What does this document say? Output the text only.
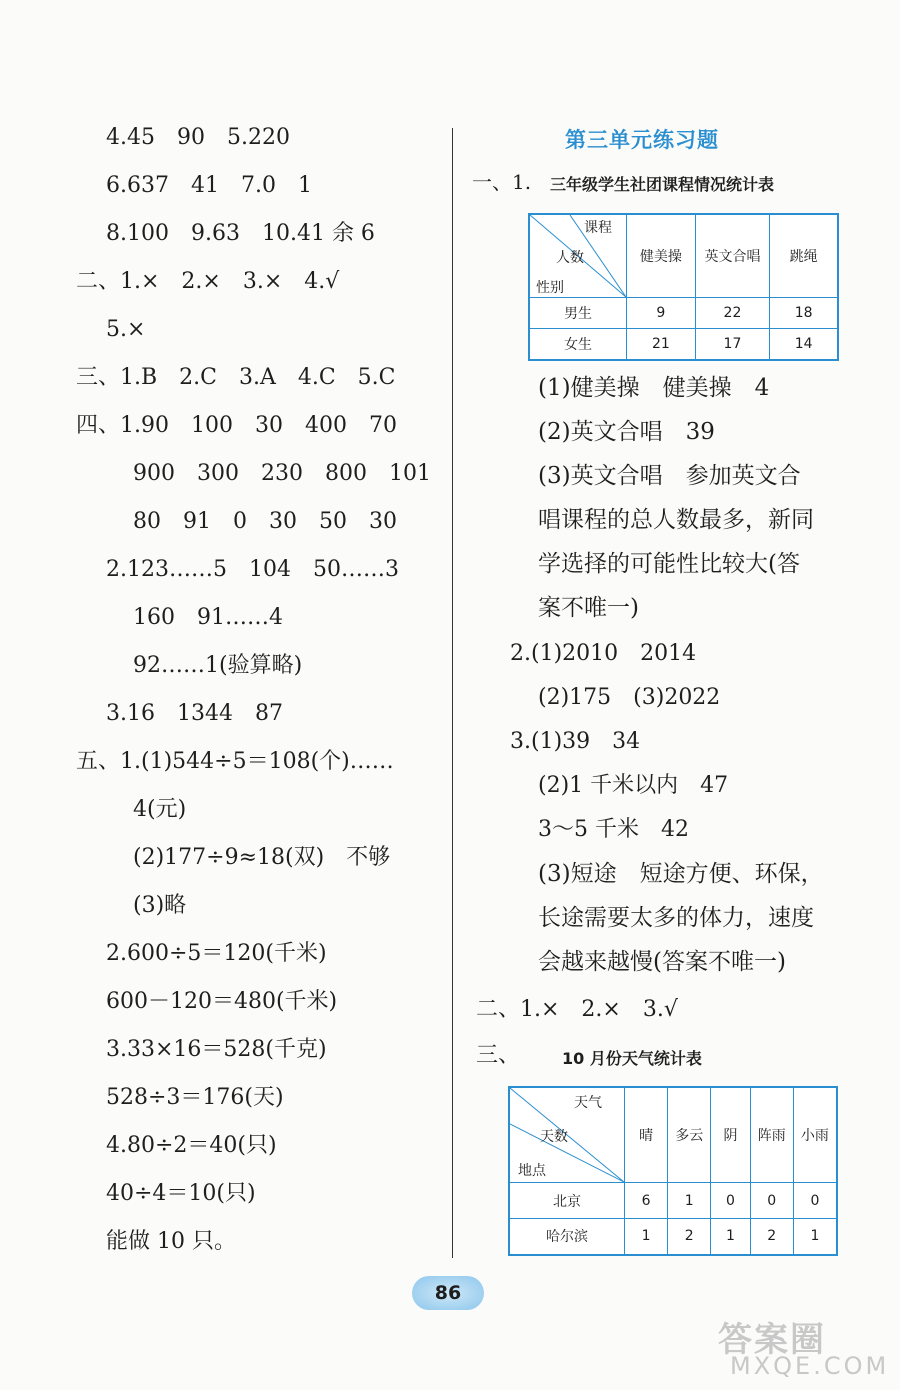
4.45　90　5.220
6.637　41　7.0　1
8.100　9.63　10.41 余 6
二、1.×　2.×　3.×　4.√
5.×
三、1.B　2.C　3.A　4.C　5.C
四、1.90　100　30　400　70
900　300　230　800　101
80　91　0　30　50　30
2.123……5　104　50……3
160　91……4
92……1(验算略)
3.16　1344　87
五、1.(1)544÷5＝108(个)……
4(元)
(2)177÷9≈18(双)　不够
(3)略
2.600÷5＝120(千米)
600－120＝480(千米)
3.33×16＝528(千克)
528÷3＝176(天)
4.80÷2＝40(只)
40÷4＝10(只)
能做 10 只。
第三单元练习题
一、1. 三年级学生社团课程情况统计表
课程
人数
性别	健美操	英文合唱	跳绳
男生	9	22	18
女生	21	17	14
(1)健美操　健美操　4
(2)英文合唱　39
(3)英文合唱　参加英文合
唱课程的总人数最多，新同
学选择的可能性比较大(答
案不唯一)
2.(1)2010　2014
(2)175　(3)2022
3.(1)39　34
(2)1 千米以内　47
3～5 千米　42
(3)短途　短途方便、环保，
长途需要太多的体力，速度
会越来越慢(答案不唯一)
二、1.×　2.×　3.√
三、	10 月份天气统计表
天气
天数
地点	晴	多云	阴	阵雨	小雨
北京	6	1	0	0	0
哈尔滨	1	2	1	2	1
86
答案圈
MXQE.COM
